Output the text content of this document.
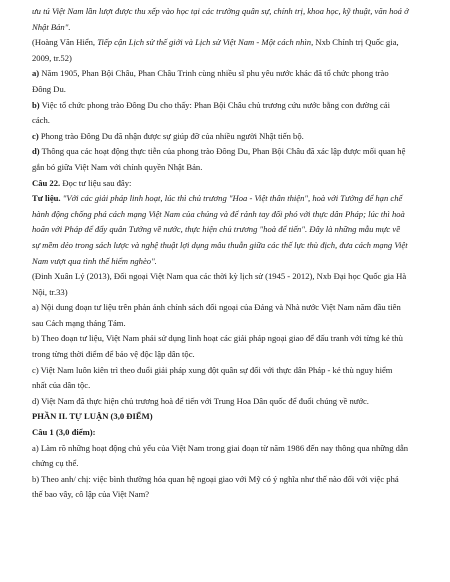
ưu tú Việt Nam lần lượt được thu xếp vào học tại các trường quân sự, chính trị, khoa học, kỹ thuật, văn hoá ở

Nhật Bản".

(Hoàng Văn Hiển, Tiếp cận Lịch sử thế giới và Lịch sử Việt Nam - Một cách nhìn, Nxb Chính trị Quốc gia,

2009, tr.52)

a) Năm 1905, Phan Bội Châu, Phan Châu Trinh cùng nhiều sĩ phu yêu nước khác đã tổ chức phong trào

Đông Du.

b) Việc tổ chức phong trào Đông Du cho thấy: Phan Bội Châu chủ trương cứu nước bằng con đường cải

cách.

c) Phong trào Đông Du đã nhận được sự giúp đỡ của nhiều người Nhật tiến bộ.

d) Thông qua các hoạt động thực tiễn của phong trào Đông Du, Phan Bội Châu đã xác lập được mối quan hệ

gắn bó giữa Việt Nam với chính quyền Nhật Bản.

Câu 22. Đọc tư liệu sau đây:

Tư liệu. "Với các giải pháp linh hoạt, lúc thì chủ trương "Hoa - Việt thân thiện", hoà với Tưởng để hạn chế

hành động chống phá cách mạng Việt Nam của chúng và để rảnh tay đối phó với thực dân Pháp; lúc thì hoà

hoãn với Pháp để đẩy quân Tưởng về nước, thực hiện chủ trương "hoà để tiến". Đây là những mẫu mực về

sự mềm dẻo trong sách lược và nghệ thuật lợi dụng mâu thuẫn giữa các thế lực thù địch, đưa cách mạng Việt

Nam vượt qua tình thế hiểm nghèo".

(Đinh Xuân Lý (2013), Đối ngoại Việt Nam qua các thời kỳ lịch sử (1945 - 2012), Nxb Đại học Quốc gia Hà

Nội, tr.33)

a) Nội dung đoạn tư liệu trên phản ánh chính sách đối ngoại của Đảng và Nhà nước Việt Nam năm đầu tiên

sau Cách mạng tháng Tám.

b) Theo đoạn tư liệu, Việt Nam phải sử dụng linh hoạt các giải pháp ngoại giao để đấu tranh với từng kẻ thù

trong từng thời điểm để bảo vệ độc lập dân tộc.

c) Việt Nam luôn kiên trì theo đuổi giải pháp xung đột quân sự đối với thực dân Pháp - kẻ thù nguy hiểm

nhất của dân tộc.

d) Việt Nam đã thực hiện chủ trương hoà để tiến với Trung Hoa Dân quốc để đuổi chúng về nước.

PHẦN II. TỰ LUẬN (3,0 ĐIỂM)

Câu 1 (3,0 điểm):

a) Làm rõ những hoạt động chủ yếu của Việt Nam trong giai đoạn từ năm 1986 đến nay thông qua những dẫn

chứng cụ thể.

b) Theo anh/ chị: việc bình thường hóa quan hệ ngoại giao với Mỹ có ý nghĩa như thế nào đối với việc phá

thế bao vây, cô lập của Việt Nam?
